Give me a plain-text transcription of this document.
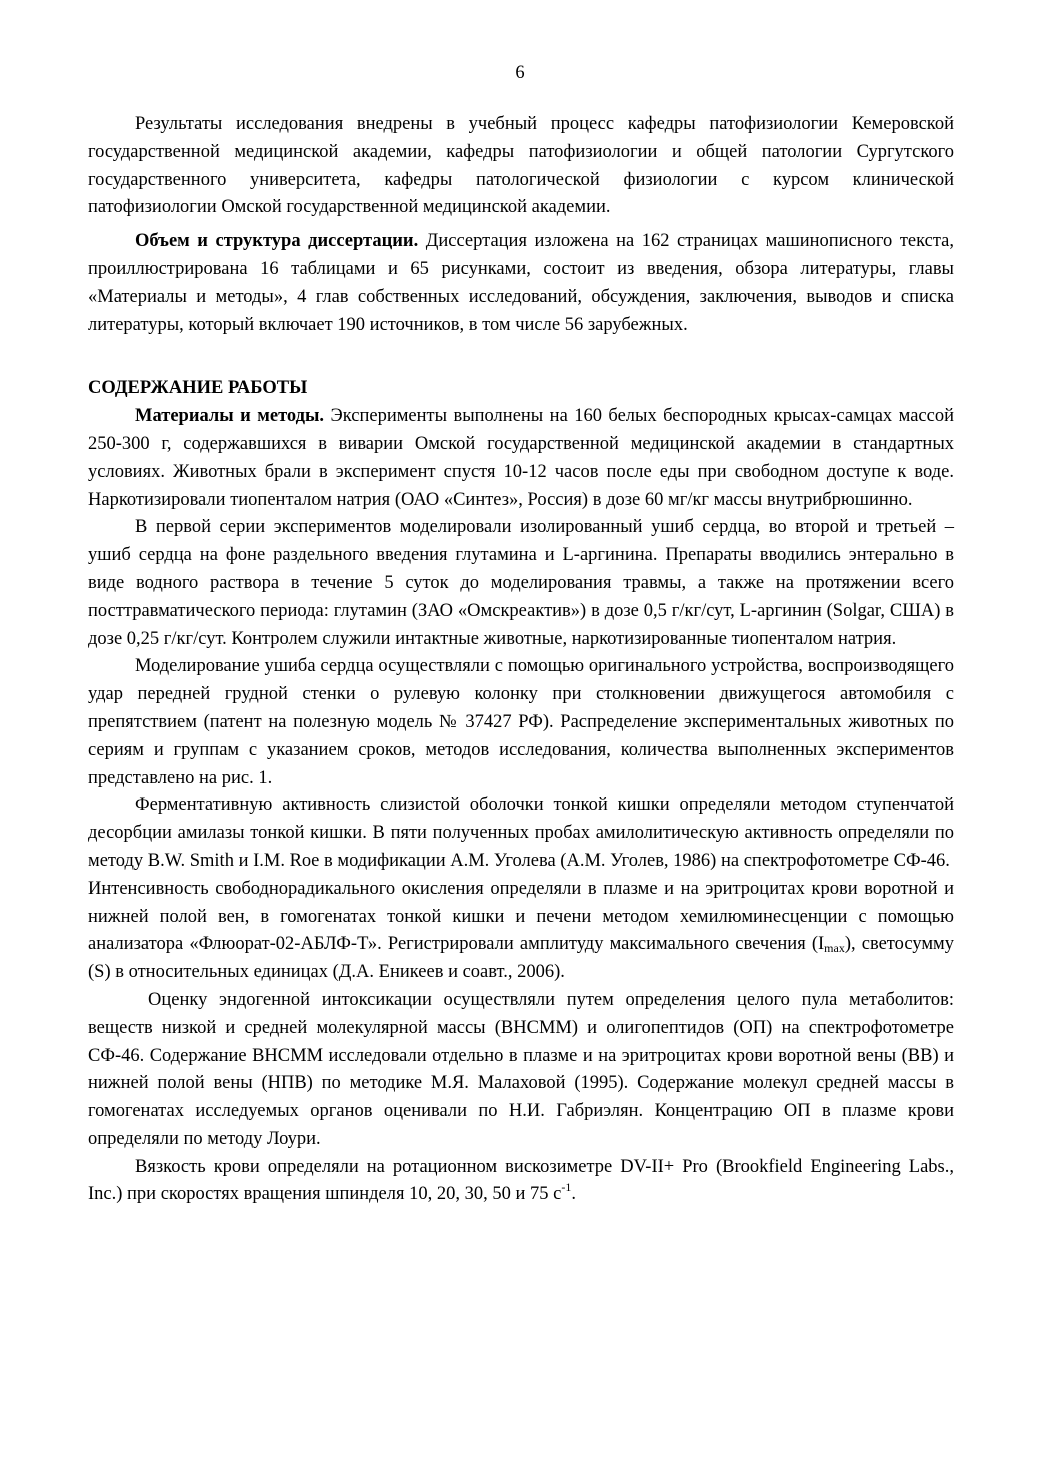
6

Результаты исследования внедрены в учебный процесс кафедры патофизиологии Кемеровской государственной медицинской академии, кафедры патофизиологии и общей патологии Сургутского государственного университета, кафедры патологической физиологии с курсом клинической патофизиологии Омской государственной медицинской академии.

Объем и структура диссертации. Диссертация изложена на 162 страницах машинописного текста, проиллюстрирована 16 таблицами и 65 рисунками, состоит из введения, обзора литературы, главы «Материалы и методы», 4 глав собственных исследований, обсуждения, заключения, выводов и списка литературы, который включает 190 источников, в том числе 56 зарубежных.

СОДЕРЖАНИЕ РАБОТЫ

Материалы и методы. Эксперименты выполнены на 160 белых беспородных крысах-самцах массой 250-300 г, содержавшихся в виварии Омской государственной медицинской академии в стандартных условиях. Животных брали в эксперимент спустя 10-12 часов после еды при свободном доступе к воде. Наркотизировали тиопенталом натрия (ОАО «Синтез», Россия) в дозе 60 мг/кг массы внутрибрюшинно.

В первой серии экспериментов моделировали изолированный ушиб сердца, во второй и третьей – ушиб сердца на фоне раздельного введения глутамина и L-аргинина. Препараты вводились энтерально в виде водного раствора в течение 5 суток до моделирования травмы, а также на протяжении всего посттравматического периода: глутамин (ЗАО «Омскреактив») в дозе 0,5 г/кг/сут, L-аргинин (Solgar, США) в дозе 0,25 г/кг/сут. Контролем служили интактные животные, наркотизированные тиопенталом натрия.

Моделирование ушиба сердца осуществляли с помощью оригинального устройства, воспроизводящего удар передней грудной стенки о рулевую колонку при столкновении движущегося автомобиля с препятствием (патент на полезную модель № 37427 РФ). Распределение экспериментальных животных по сериям и группам с указанием сроков, методов исследования, количества выполненных экспериментов представлено на рис. 1.

Ферментативную активность слизистой оболочки тонкой кишки определяли методом ступенчатой десорбции амилазы тонкой кишки. В пяти полученных пробах амилолитическую активность определяли по методу B.W. Smith и I.M. Roe в модификации А.М. Уголева (А.М. Уголев, 1986) на спектрофотометре СФ-46.

Интенсивность свободнорадикального окисления определяли в плазме и на эритроцитах крови воротной и нижней полой вен, в гомогенатах тонкой кишки и печени методом хемилюминесценции с помощью анализатора «Флюорат-02-АБЛФ-Т». Регистрировали амплитуду максимального свечения $(I_{max})$, светосумму (S) в относительных единицах (Д.А. Еникеев и соавт., 2006).

Оценку эндогенной интоксикации осуществляли путем определения целого пула метаболитов: веществ низкой и средней молекулярной массы (ВНСММ) и олигопептидов (ОП) на спектрофотометре СФ-46. Содержание ВНСММ исследовали отдельно в плазме и на эритроцитах крови воротной вены (ВВ) и нижней полой вены (НПВ) по методике М.Я. Малаховой (1995). Содержание молекул средней массы в гомогенатах исследуемых органов оценивали по Н.И. Габриэлян. Концентрацию ОП в плазме крови определяли по методу Лоури.

Вязкость крови определяли на ротационном вискозиметре DV-II+ Pro (Brookfield Engineering Labs., Inc.) при скоростях вращения шпинделя 10, 20, 30, 50 и 75 $с^{-1}$.
